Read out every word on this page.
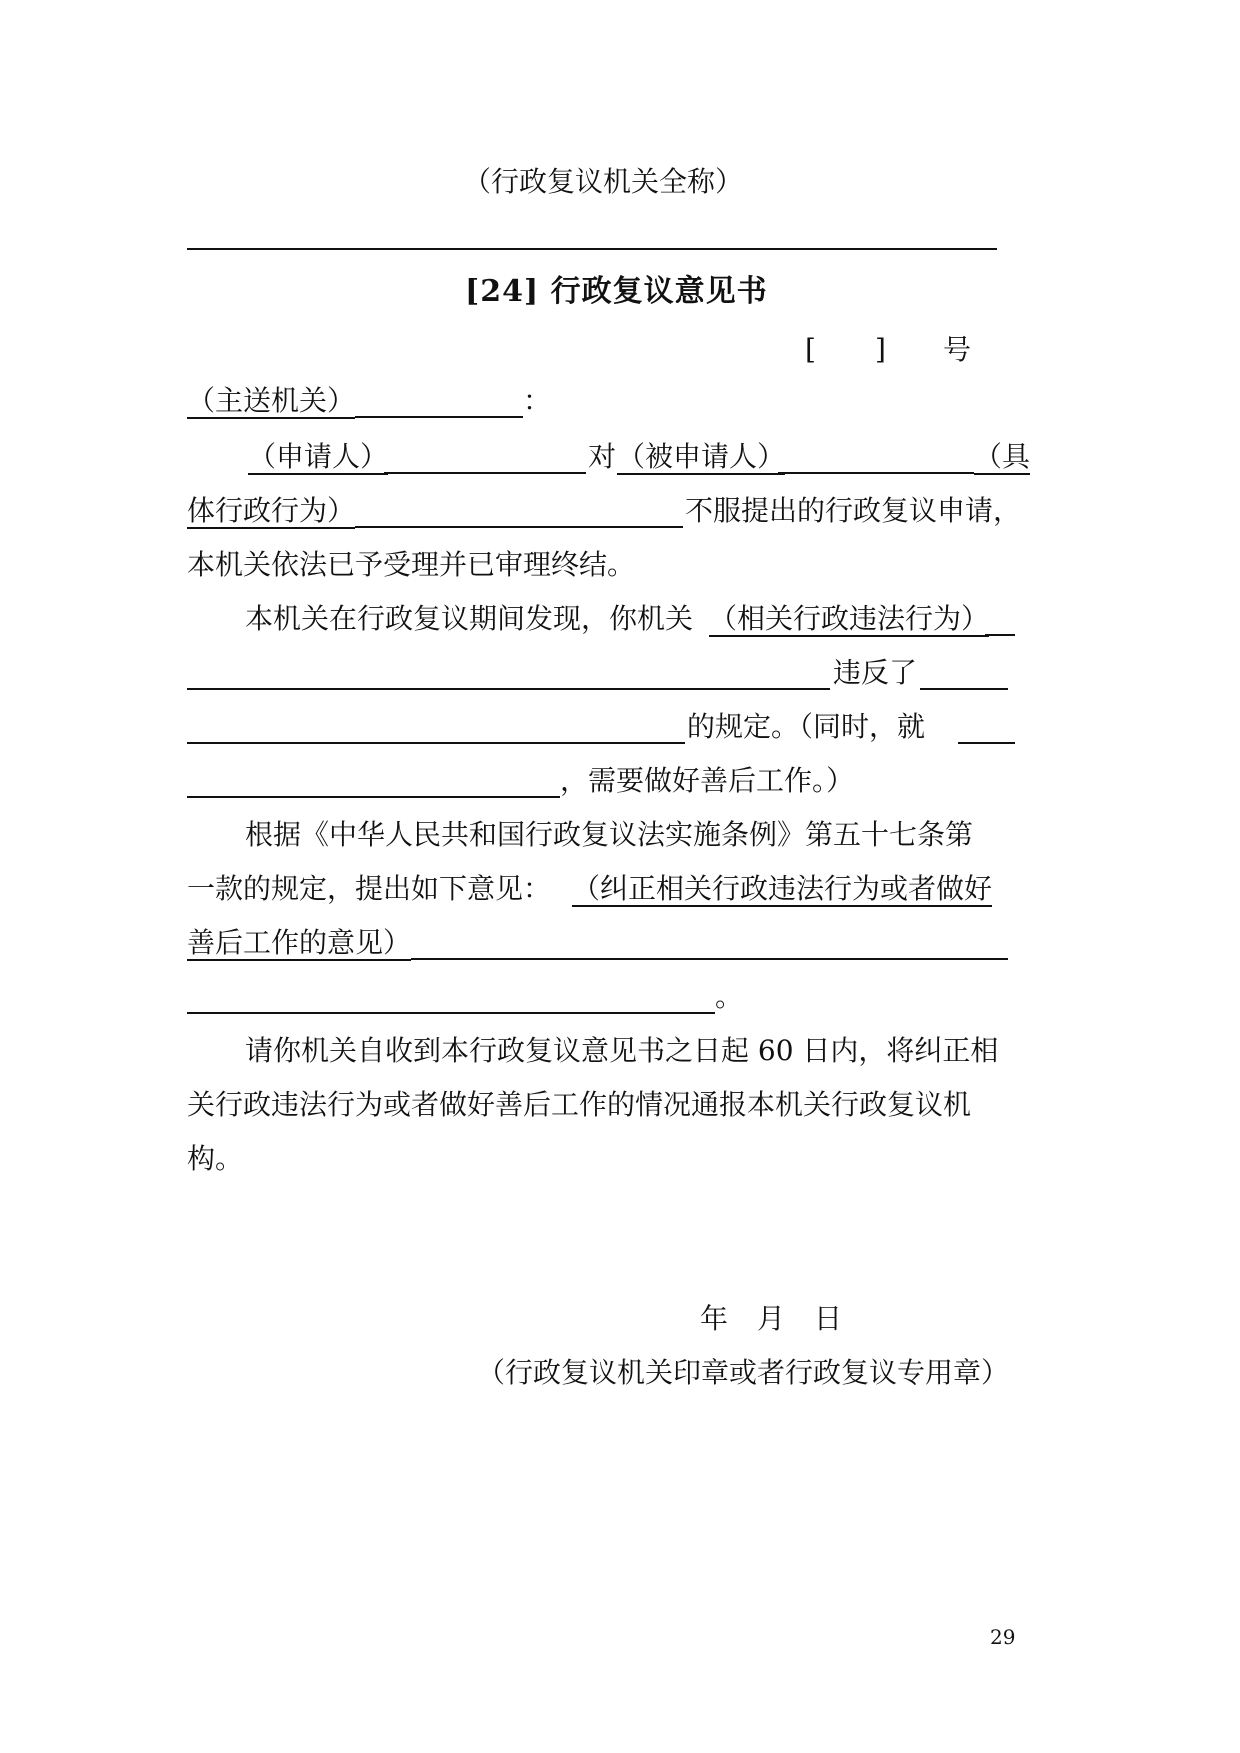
（行政复议机关全称）
[24] 行政复议意见书
[ ] 号
（主送机关）	：
（申请人）	对 （被申请人）	（具
体行政行为）	不服提出的行政复议申请，
本机关依法已予受理并已审理终结。
本机关在行政复议期间发现，你机关 （相关行政违法行为）
违反了
的规定。（同时，就
，需要做好善后工作。）
根据《中华人民共和国行政复议法实施条例》第五十七条第
一款的规定，提出如下意见： （纠正相关行政违法行为或者做好
善后工作的意见）
。
请你机关自收到本行政复议意见书之日起 60 日内，将纠正相
关行政违法行为或者做好善后工作的情况通报本机关行政复议机
构。
年 月 日
（行政复议机关印章或者行政复议专用章）
29
